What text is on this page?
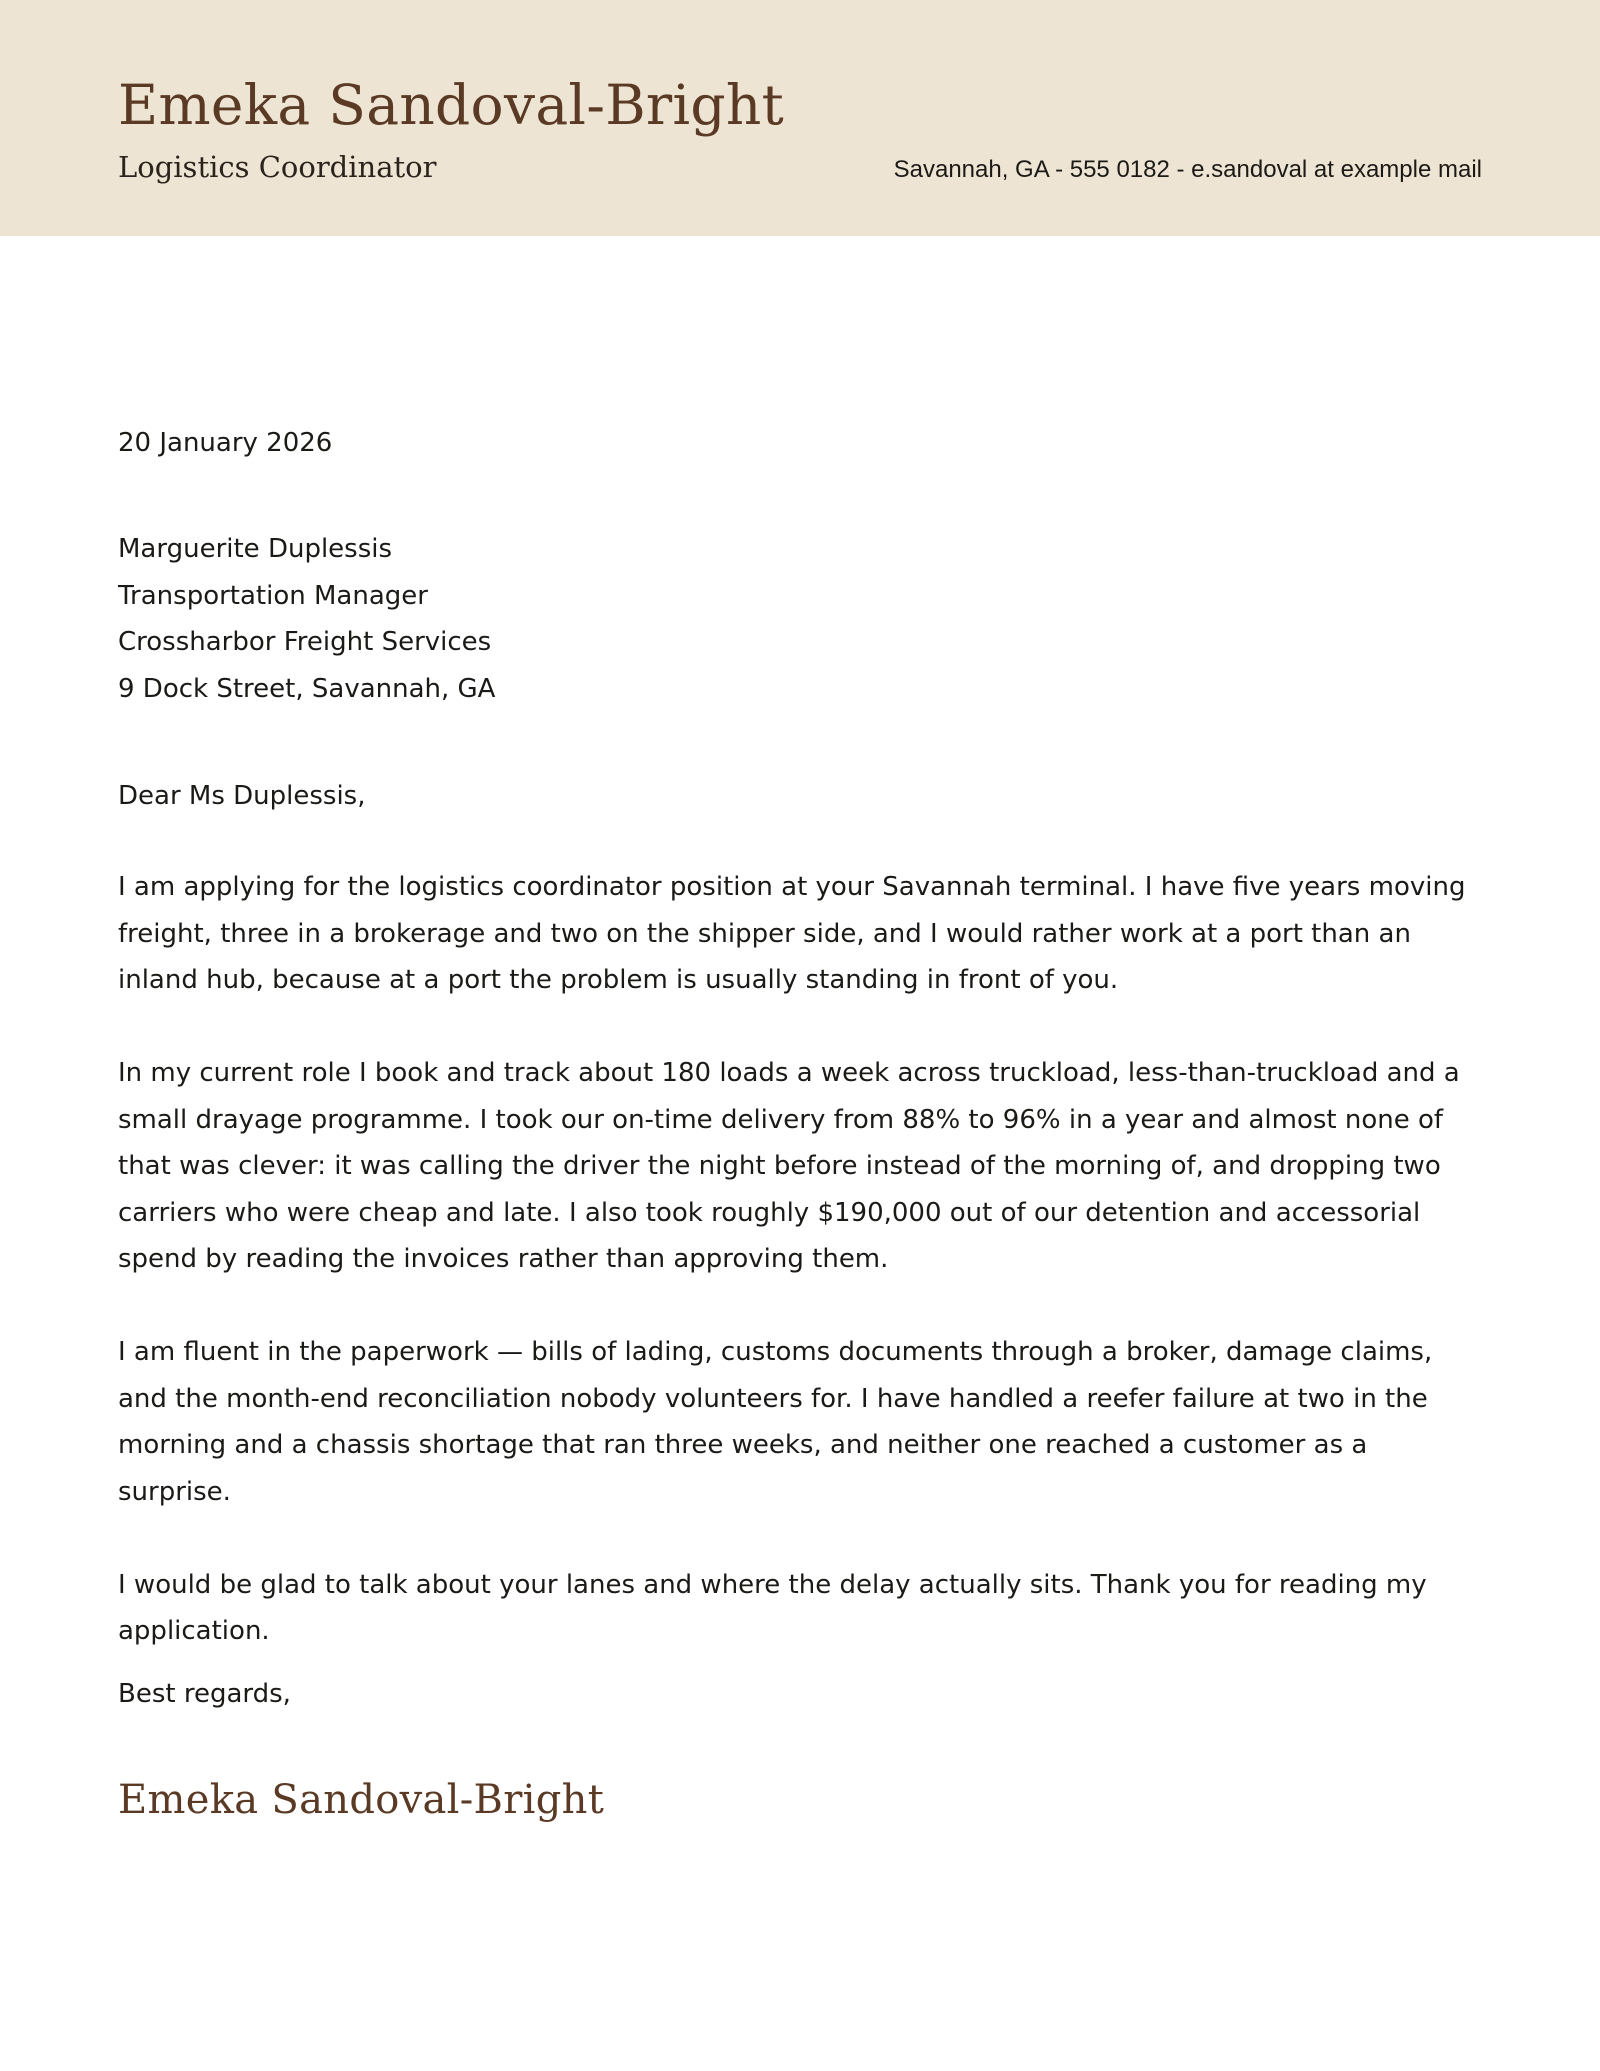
Emeka Sandoval-Bright
Logistics Coordinator	Savannah, GA - 555 0182 - e.sandoval at example mail
20 January 2026
Marguerite Duplessis
Transportation Manager
Crossharbor Freight Services
9 Dock Street, Savannah, GA
Dear Ms Duplessis,

I am applying for the logistics coordinator position at your Savannah terminal. I have five years moving freight, three in a brokerage and two on the shipper side, and I would rather work at a port than an inland hub, because at a port the problem is usually standing in front of you.

In my current role I book and track about 180 loads a week across truckload, less-than-truckload and a small drayage programme. I took our on-time delivery from 88% to 96% in a year and almost none of that was clever: it was calling the driver the night before instead of the morning of, and dropping two carriers who were cheap and late. I also took roughly $190,000 out of our detention and accessorial spend by reading the invoices rather than approving them.

I am fluent in the paperwork — bills of lading, customs documents through a broker, damage claims, and the month-end reconciliation nobody volunteers for. I have handled a reefer failure at two in the morning and a chassis shortage that ran three weeks, and neither one reached a customer as a surprise.

I would be glad to talk about your lanes and where the delay actually sits. Thank you for reading my application.

Best regards,
Emeka Sandoval-Bright
